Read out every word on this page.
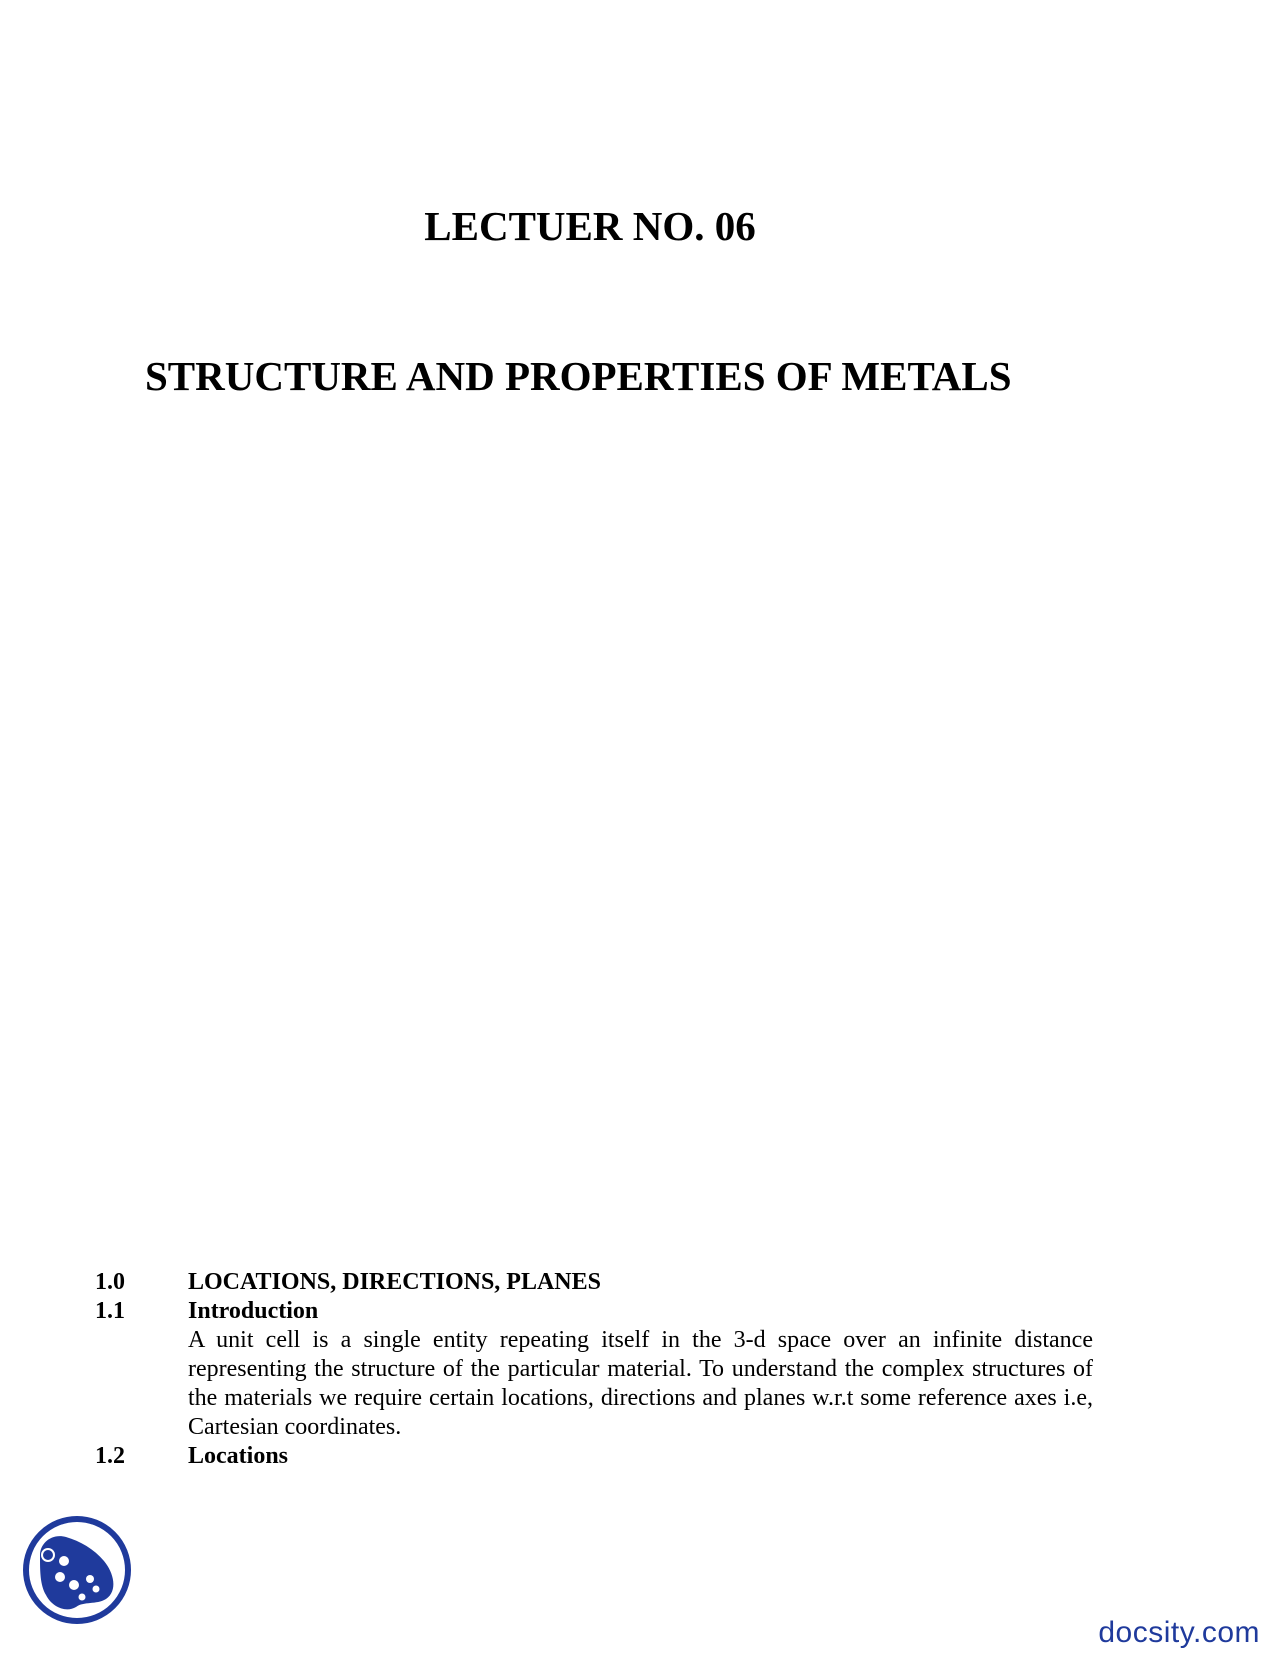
LECTUER NO. 06
STRUCTURE AND PROPERTIES OF METALS
1.0	LOCATIONS, DIRECTIONS, PLANES
1.1	Introduction
A unit cell is a single entity repeating itself in the 3-d space over an infinite distance representing the structure of the particular material. To understand the complex structures of the materials we require certain locations, directions and planes w.r.t some reference axes i.e, Cartesian coordinates.
1.2	Locations
docsity.com
